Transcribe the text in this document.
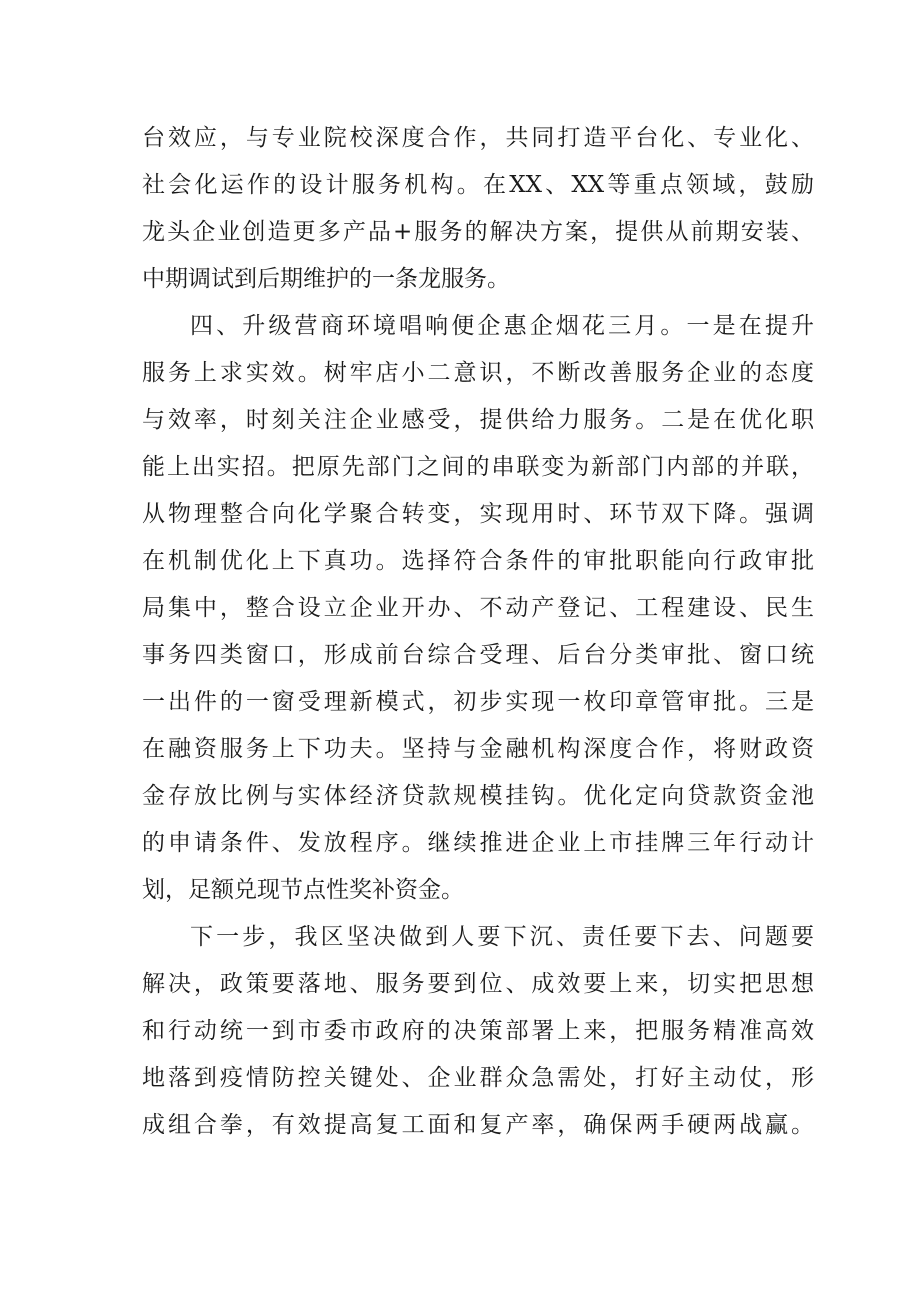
台效应，与专业院校深度合作，共同打造平台化、专业化、
社会化运作的设计服务机构。在XX、XX等重点领域，鼓励
龙头企业创造更多产品+服务的解决方案，提供从前期安装、
中期调试到后期维护的一条龙服务。
四、升级营商环境唱响便企惠企烟花三月。一是在提升
服务上求实效。树牢店小二意识，不断改善服务企业的态度
与效率，时刻关注企业感受，提供给力服务。二是在优化职
能上出实招。把原先部门之间的串联变为新部门内部的并联，
从物理整合向化学聚合转变，实现用时、环节双下降。强调
在机制优化上下真功。选择符合条件的审批职能向行政审批
局集中，整合设立企业开办、不动产登记、工程建设、民生
事务四类窗口，形成前台综合受理、后台分类审批、窗口统
一出件的一窗受理新模式，初步实现一枚印章管审批。三是
在融资服务上下功夫。坚持与金融机构深度合作，将财政资
金存放比例与实体经济贷款规模挂钩。优化定向贷款资金池
的申请条件、发放程序。继续推进企业上市挂牌三年行动计
划，足额兑现节点性奖补资金。
下一步，我区坚决做到人要下沉、责任要下去、问题要
解决，政策要落地、服务要到位、成效要上来，切实把思想
和行动统一到市委市政府的决策部署上来，把服务精准高效
地落到疫情防控关键处、企业群众急需处，打好主动仗，形
成组合拳，有效提高复工面和复产率，确保两手硬两战赢。
